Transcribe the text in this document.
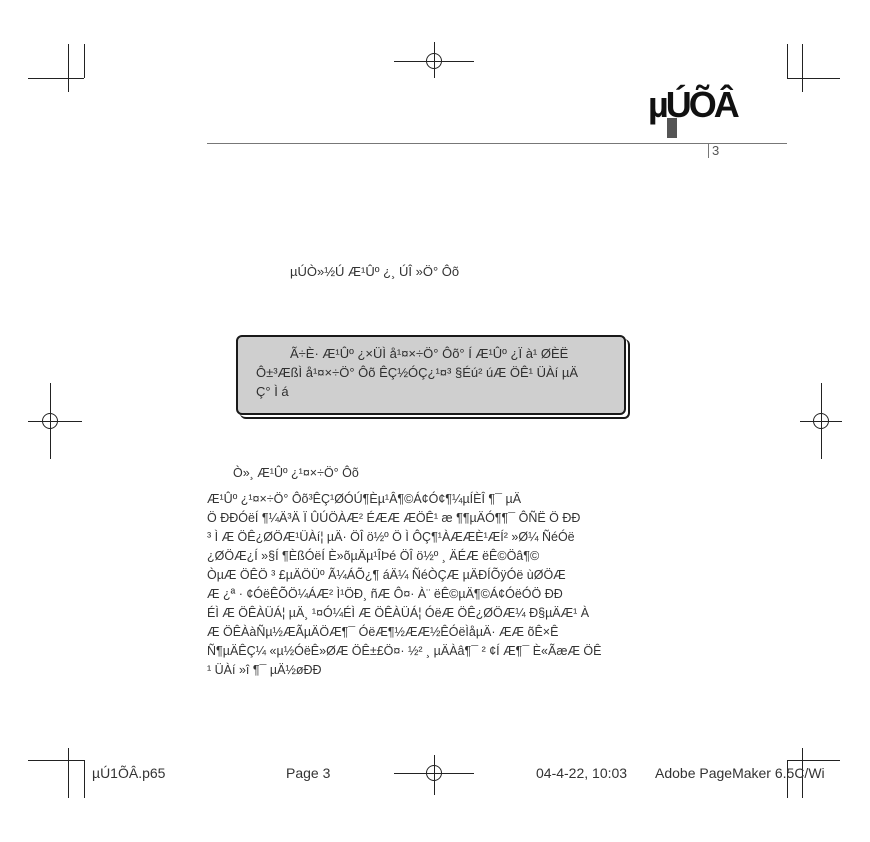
µÚÕÂ
3
µÚÒ»½Ú Æ¹Ûº ¿¸ ÚÎ »Ö° Ôõ
Ã÷È· Æ¹Ûº ¿×ÜÌ å¹¤×÷Ö° Ôõ° Í Æ¹Ûº ¿Ï à¹ ØÈË
Ô±³ÆßÌ å¹¤×÷Ö° Ôõ ÊÇ½ÓÇ¿¹¤³ §Éú² úÆ ÖÊ¹ ÜÀí µÄ
Ç° Ì á
Ò»¸ Æ¹Ûº ¿¹¤×÷Ö° Ôõ
Æ¹Ûº ¿¹¤×÷Ö° Ôõ³ÊÇ¹ØÓÚ¶Èµ¹Â¶©Á¢Ó¢¶¼µÍÈÎ ¶¯ µÄ
Ö ÐÐÓëÍ ¶¼Ä³Ä Ï ÛÚÖÀÆ² ÉÆÆ ÆÖÊ¹ æ ¶¶µÄÓ¶¶¯ ÔÑË Ö ÐÐ
³ Ì Æ ÖÊ¿ØÖÆ¹ÜÀí¦ µÄ· ÖÎ ö½º Ö Ì ÔÇ¶¹ÀÆÆÈ¹ÆÍ² »Ø¼ ÑéÓë
¿ØÖÆ¿Í »§Í ¶ÈßÓëÍ È»õµÄµ¹ÎÞé ÖÎ ö½º ¸ ÄÉÆ ëÊ©Öâ¶©
ÒµÆ ÖÊÖ ³ £µÄÖÜº Ã¼ÁÕ¿¶ áÄ¼ ÑéÒÇÆ µÄÐÍÕÿÓë ùØÖÆ
Æ ¿ª · ¢ÓëÊÕÖ¼ÁÆ² Ì¹ÖÐ¸ ñÆ Ô¤· À¨ ëÊ©µÄ¶©Á¢ÓëÓÖ ÐÐ
ÉÌ Æ ÖÊÀÜÁ¦ µÄ¸ ¹¤Ó¼ÉÌ Æ ÖÊÀÜÁ¦ ÓëÆ ÖÊ¿ØÖÆ¼ Ð§µÄÆ¹ À
Æ ÖÊÀàÑµ½ÆÃµÄÖÆ¶¯ ÓëÆ¶½ÆÆ½ÊÓëÌåµÄ· ÆÆ õÊ×Ê
Ñ¶µÄÊÇ¼ «µ½ÓëÊ»ØÆ ÖÊ±£Ö¤· ½² ¸ µÄÀâ¶¯ ² ¢Í Æ¶¯ È«ÃæÆ ÖÊ
¹ ÜÀí »î ¶¯ µÄ½øÐÐ
µÚ1ÕÂ.p65	Page 3	04-4-22, 10:03 Adobe PageMaker 6.5C/Wi
